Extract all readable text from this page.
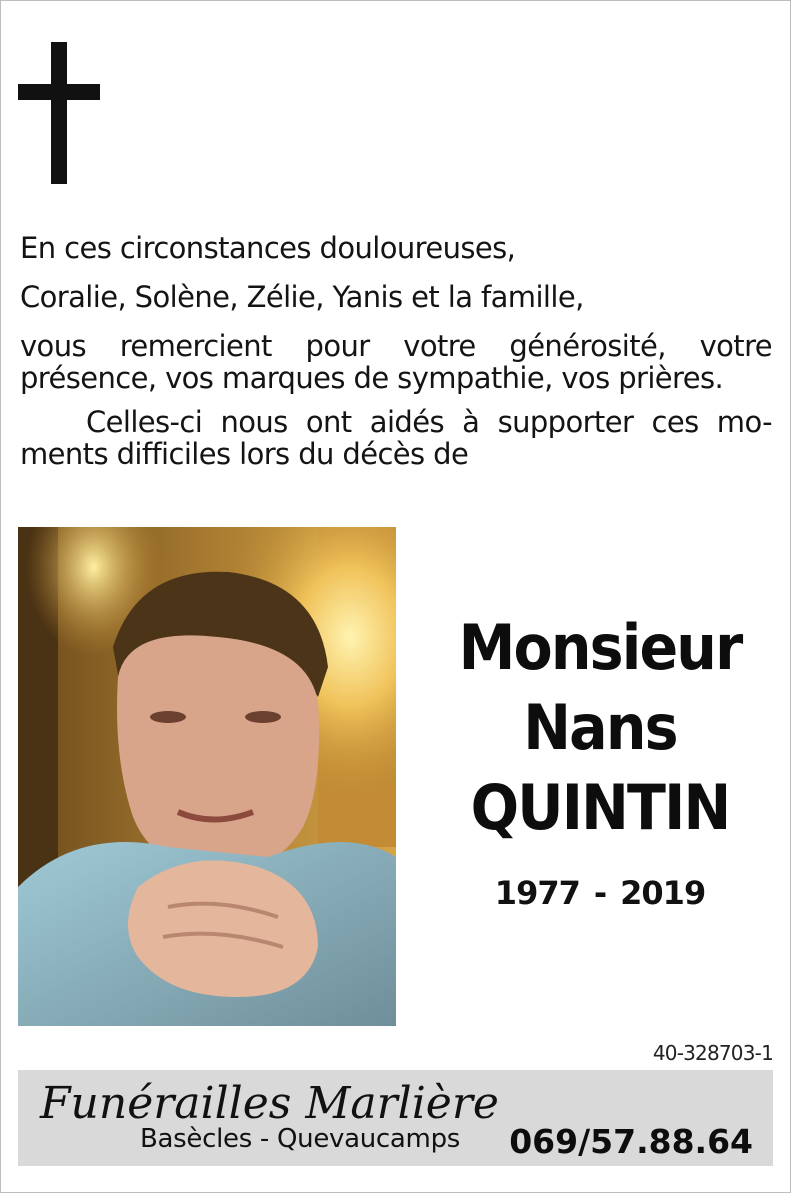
En ces circonstances douloureuses,

Coralie, Solène, Zélie, Yanis et la famille,

vous remercient pour votre générosité, votre présence, vos marques de sympathie, vos prières.

Celles-ci nous ont aidés à supporter ces mo- ments difficiles lors du décès de

Monsieur
Nans
QUINTIN
1977 - 2019
40-328703-1
Funérailles Marlière
Basècles - Quevaucamps 069/57.88.64
